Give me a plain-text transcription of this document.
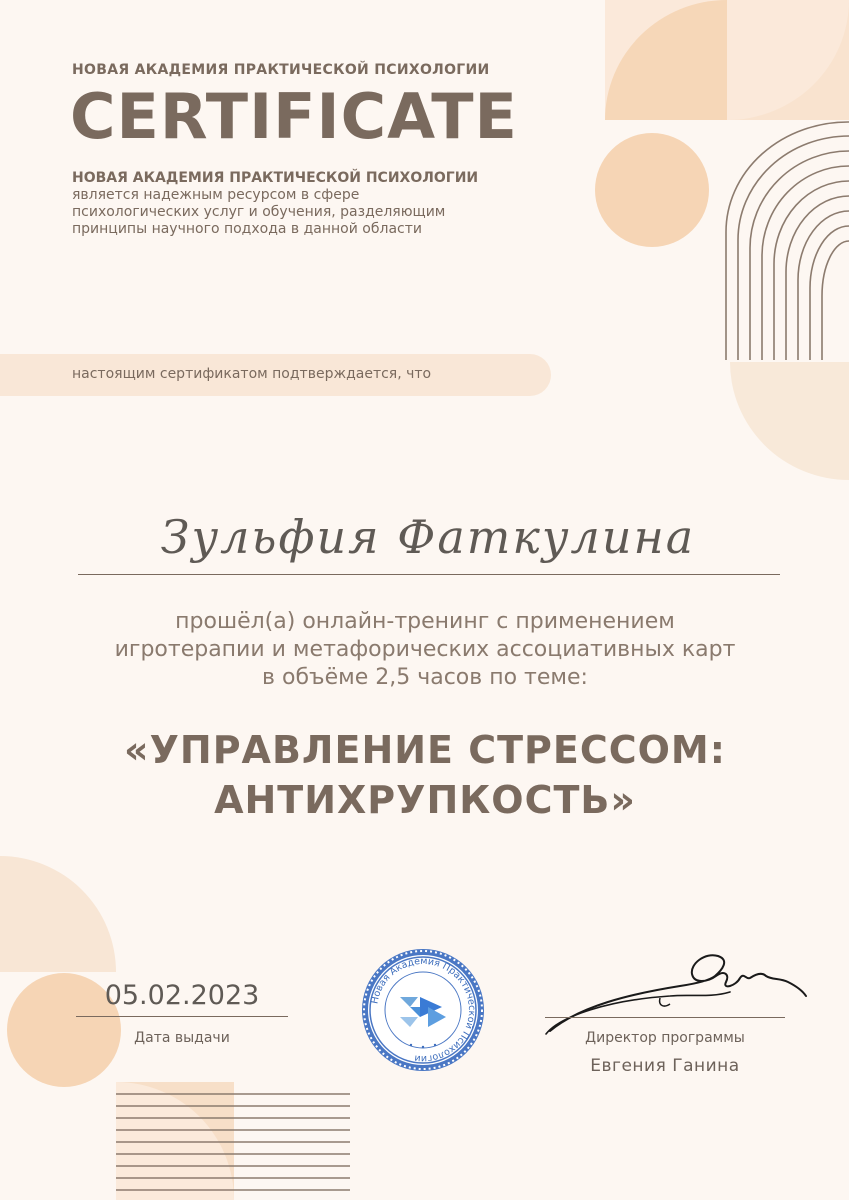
НОВАЯ АКАДЕМИЯ ПРАКТИЧЕСКОЙ ПСИХОЛОГИИ
CERTIFICATE
НОВАЯ АКАДЕМИЯ ПРАКТИЧЕСКОЙ ПСИХОЛОГИИ
является надежным ресурсом в сфере
психологических услуг и обучения, разделяющим
принципы научного подхода в данной области
настоящим сертификатом подтверждается, что
Зульфия Фаткулина
прошёл(а) онлайн-тренинг с применением
игротерапии и метафорических ассоциативных карт
в объёме 2,5 часов по теме:
«УПРАВЛЕНИЕ СТРЕССОМ:
АНТИХРУПКОСТЬ»
05.02.2023
Дата выдачи
Новая Академия Практической Психологии
Директор программы
Евгения Ганина
